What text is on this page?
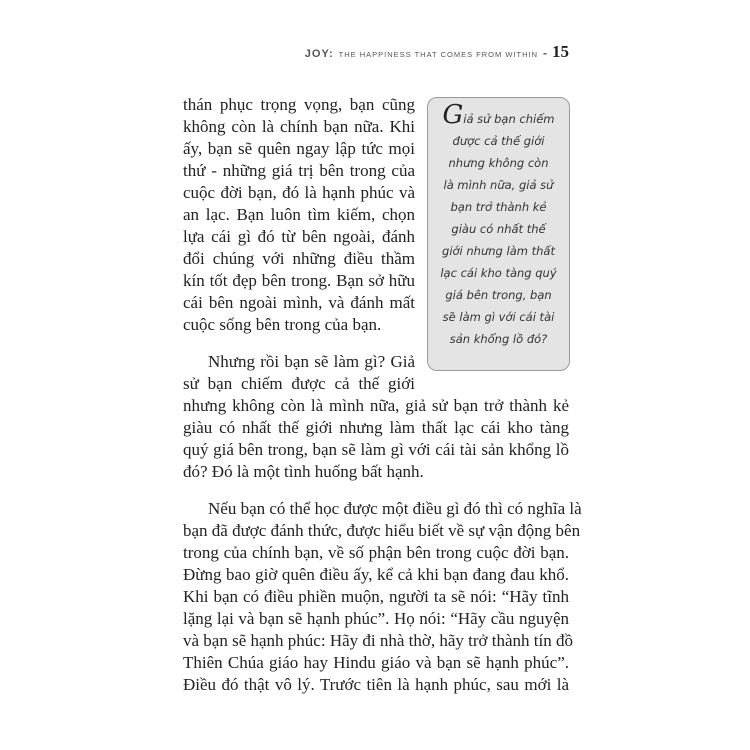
JOY: THE HAPPINESS THAT COMES FROM WITHIN - 15
Giả sử bạn chiếm
được cả thế giới
nhưng không còn
là mình nữa, giả sử
bạn trở thành kẻ
giàu có nhất thế
giới nhưng làm thất
lạc cái kho tàng quý
giá bên trong, bạn
sẽ làm gì với cái tài
sản khổng lồ đó?
thán phục trọng vọng, bạn cũng
không còn là chính bạn nữa. Khi
ấy, bạn sẽ quên ngay lập tức mọi
thứ - những giá trị bên trong của
cuộc đời bạn, đó là hạnh phúc và
an lạc. Bạn luôn tìm kiếm, chọn
lựa cái gì đó từ bên ngoài, đánh
đổi chúng với những điều thầm
kín tốt đẹp bên trong. Bạn sở hữu
cái bên ngoài mình, và đánh mất
cuộc sống bên trong của bạn.
Nhưng rồi bạn sẽ làm gì? Giả
sử bạn chiếm được cả thế giới
nhưng không còn là mình nữa, giả sử bạn trở thành kẻ
giàu có nhất thế giới nhưng làm thất lạc cái kho tàng
quý giá bên trong, bạn sẽ làm gì với cái tài sản khổng lồ
đó? Đó là một tình huống bất hạnh.
Nếu bạn có thể học được một điều gì đó thì có nghĩa là
bạn đã được đánh thức, được hiểu biết về sự vận động bên
trong của chính bạn, về số phận bên trong cuộc đời bạn.
Đừng bao giờ quên điều ấy, kể cả khi bạn đang đau khổ.
Khi bạn có điều phiền muộn, người ta sẽ nói: “Hãy tĩnh
lặng lại và bạn sẽ hạnh phúc”. Họ nói: “Hãy cầu nguyện
và bạn sẽ hạnh phúc: Hãy đi nhà thờ, hãy trở thành tín đồ
Thiên Chúa giáo hay Hindu giáo và bạn sẽ hạnh phúc”.
Điều đó thật vô lý. Trước tiên là hạnh phúc, sau mới là
